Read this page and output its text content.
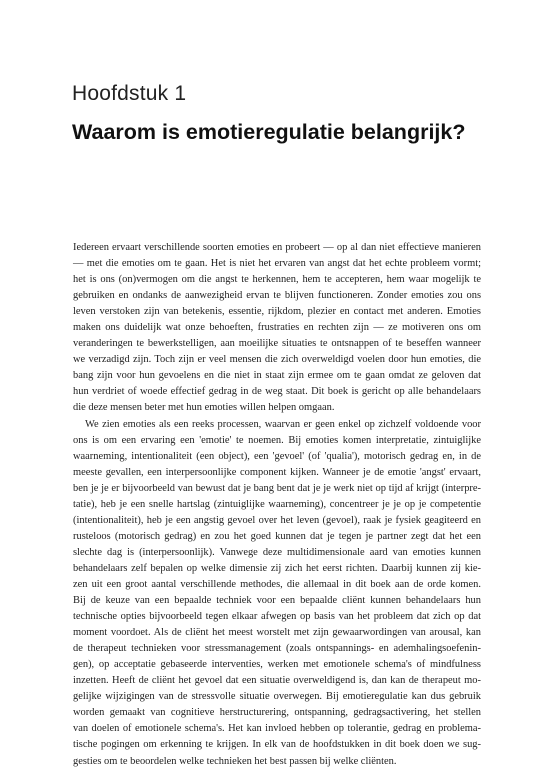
Hoofdstuk 1
Waarom is emotieregulatie belangrijk?
Iedereen ervaart verschillende soorten emoties en probeert — op al dan niet effectieve manieren
— met die emoties om te gaan. Het is niet het ervaren van angst dat het echte probleem vormt;
het is ons (on)vermogen om die angst te herkennen, hem te accepteren, hem waar mogelijk te
gebruiken en ondanks de aanwezigheid ervan te blijven functioneren. Zonder emoties zou ons
leven verstoken zijn van betekenis, essentie, rijkdom, plezier en contact met anderen. Emoties
maken ons duidelijk wat onze behoeften, frustraties en rechten zijn — ze motiveren ons om
veranderingen te bewerkstelligen, aan moeilijke situaties te ontsnappen of te beseffen wanneer
we verzadigd zijn. Toch zijn er veel mensen die zich overweldigd voelen door hun emoties, die
bang zijn voor hun gevoelens en die niet in staat zijn ermee om te gaan omdat ze geloven dat
hun verdriet of woede effectief gedrag in de weg staat. Dit boek is gericht op alle behandelaars
die deze mensen beter met hun emoties willen helpen omgaan.
We zien emoties als een reeks processen, waarvan er geen enkel op zichzelf voldoende voor
ons is om een ervaring een 'emotie' te noemen. Bij emoties komen interpretatie, zintuiglijke
waarneming, intentionaliteit (een object), een 'gevoel' (of 'qualia'), motorisch gedrag en, in de
meeste gevallen, een interpersoonlijke component kijken. Wanneer je de emotie 'angst' ervaart,
ben je je er bijvoorbeeld van bewust dat je bang bent dat je je werk niet op tijd af krijgt (interpre-
tatie), heb je een snelle hartslag (zintuiglijke waarneming), concentreer je je op je competentie
(intentionaliteit), heb je een angstig gevoel over het leven (gevoel), raak je fysiek geagiteerd en
rusteloos (motorisch gedrag) en zou het goed kunnen dat je tegen je partner zegt dat het een
slechte dag is (interpersoonlijk). Vanwege deze multidimensionale aard van emoties kunnen
behandelaars zelf bepalen op welke dimensie zij zich het eerst richten. Daarbij kunnen zij kie-
zen uit een groot aantal verschillende methodes, die allemaal in dit boek aan de orde komen.
Bij de keuze van een bepaalde techniek voor een bepaalde cliënt kunnen behandelaars hun
technische opties bijvoorbeeld tegen elkaar afwegen op basis van het probleem dat zich op dat
moment voordoet. Als de cliënt het meest worstelt met zijn gewaarwordingen van arousal, kan
de therapeut technieken voor stressmanagement (zoals ontspannings- en ademhalingsoefenin-
gen), op acceptatie gebaseerde interventies, werken met emotionele schema's of mindfulness
inzetten. Heeft de cliënt het gevoel dat een situatie overweldigend is, dan kan de therapeut mo-
gelijke wijzigingen van de stressvolle situatie overwegen. Bij emotieregulatie kan dus gebruik
worden gemaakt van cognitieve herstructurering, ontspanning, gedragsactivering, het stellen
van doelen of emotionele schema's. Het kan invloed hebben op tolerantie, gedrag en problema-
tische pogingen om erkenning te krijgen. In elk van de hoofdstukken in dit boek doen we sug-
gesties om te beoordelen welke technieken het best passen bij welke cliënten.
